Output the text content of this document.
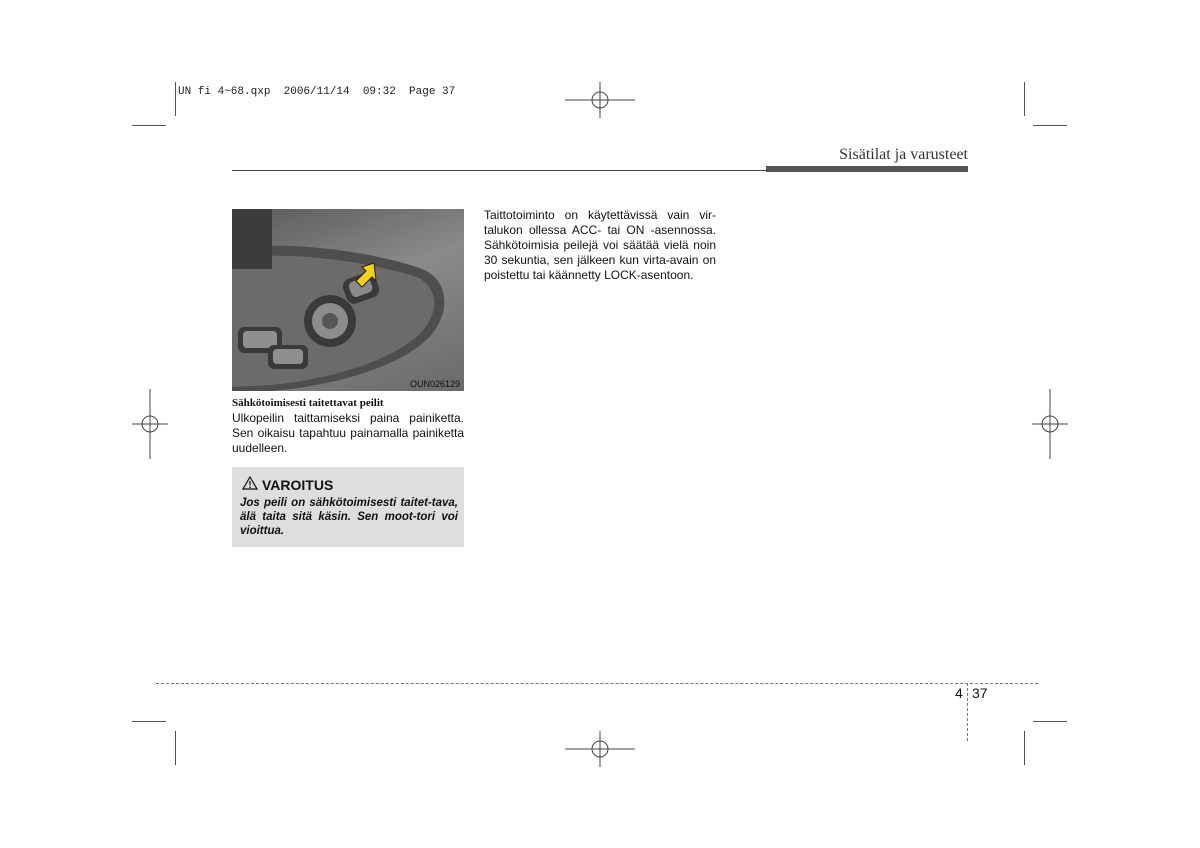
UN fi 4~68.qxp  2006/11/14  09:32  Page 37
Sisätilat ja varusteet
OUN026129
Sähkötoimisesti taitettavat peilit
Ulkopeilin taittamiseksi paina painiketta. Sen oikaisu tapahtuu painamalla painiketta uudelleen.
VAROITUS
Jos peili on sähkötoimisesti taitet-tava, älä taita sitä käsin. Sen moot-tori voi vioittua.
Taittotoiminto on käytettävissä vain vir-talukon ollessa ACC- tai ON -asennossa. Sähkötoimisia peilejä voi säätää vielä noin 30 sekuntia, sen jälkeen kun virta-avain on poistettu tai käännetty LOCK-asentoon.
4 37
